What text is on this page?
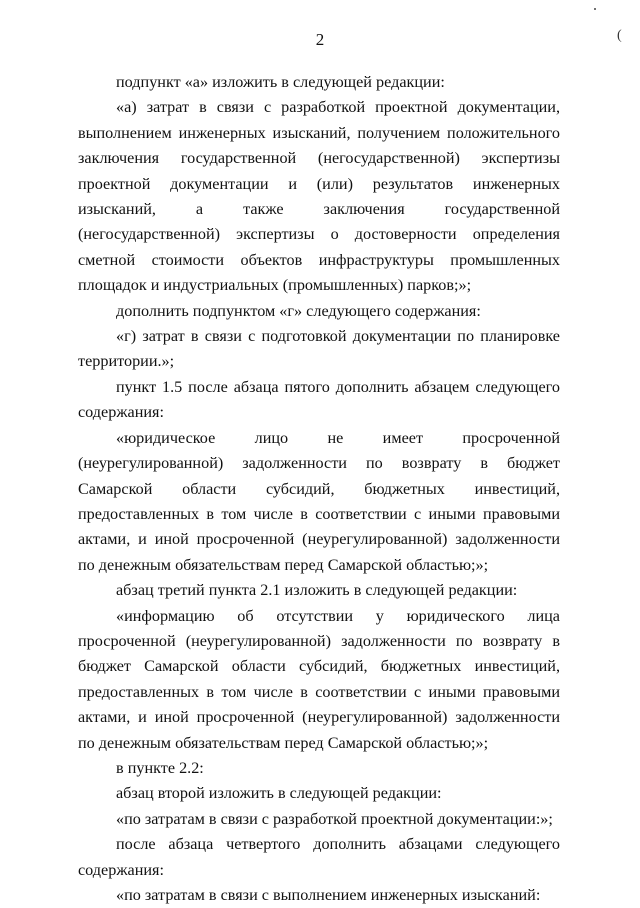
(
2

подпункт «а» изложить в следующей редакции:

«а) затрат в связи с разработкой проектной документации, выполнением инженерных изысканий, получением положительного заключения государственной (негосударственной) экспертизы проектной документации и (или) результатов инженерных изысканий, а также заключения государственной (негосударственной) экспертизы о достоверности определения сметной стоимости объектов инфраструктуры промышленных площадок и индустриальных (промышленных) парков;»;

дополнить подпунктом «г» следующего содержания:

«г) затрат в связи с подготовкой документации по планировке территории.»;

пункт 1.5 после абзаца пятого дополнить абзацем следующего содержания:

«юридическое лицо не имеет просроченной (неурегулированной) задолженности по возврату в бюджет Самарской области субсидий, бюджетных инвестиций, предоставленных в том числе в соответствии с иными правовыми актами, и иной просроченной (неурегулированной) задолженности по денежным обязательствам перед Самарской областью;»;

абзац третий пункта 2.1 изложить в следующей редакции:

«информацию об отсутствии у юридического лица просроченной (неурегулированной) задолженности по возврату в бюджет Самарской области субсидий, бюджетных инвестиций, предоставленных в том числе в соответствии с иными правовыми актами, и иной просроченной (неурегулированной) задолженности по денежным обязательствам перед Самарской областью;»;

в пункте 2.2:

абзац второй изложить в следующей редакции:

«по затратам в связи с разработкой проектной документации:»;

после абзаца четвертого дополнить абзацами следующего содержания:

«по затратам в связи с выполнением инженерных изысканий:
